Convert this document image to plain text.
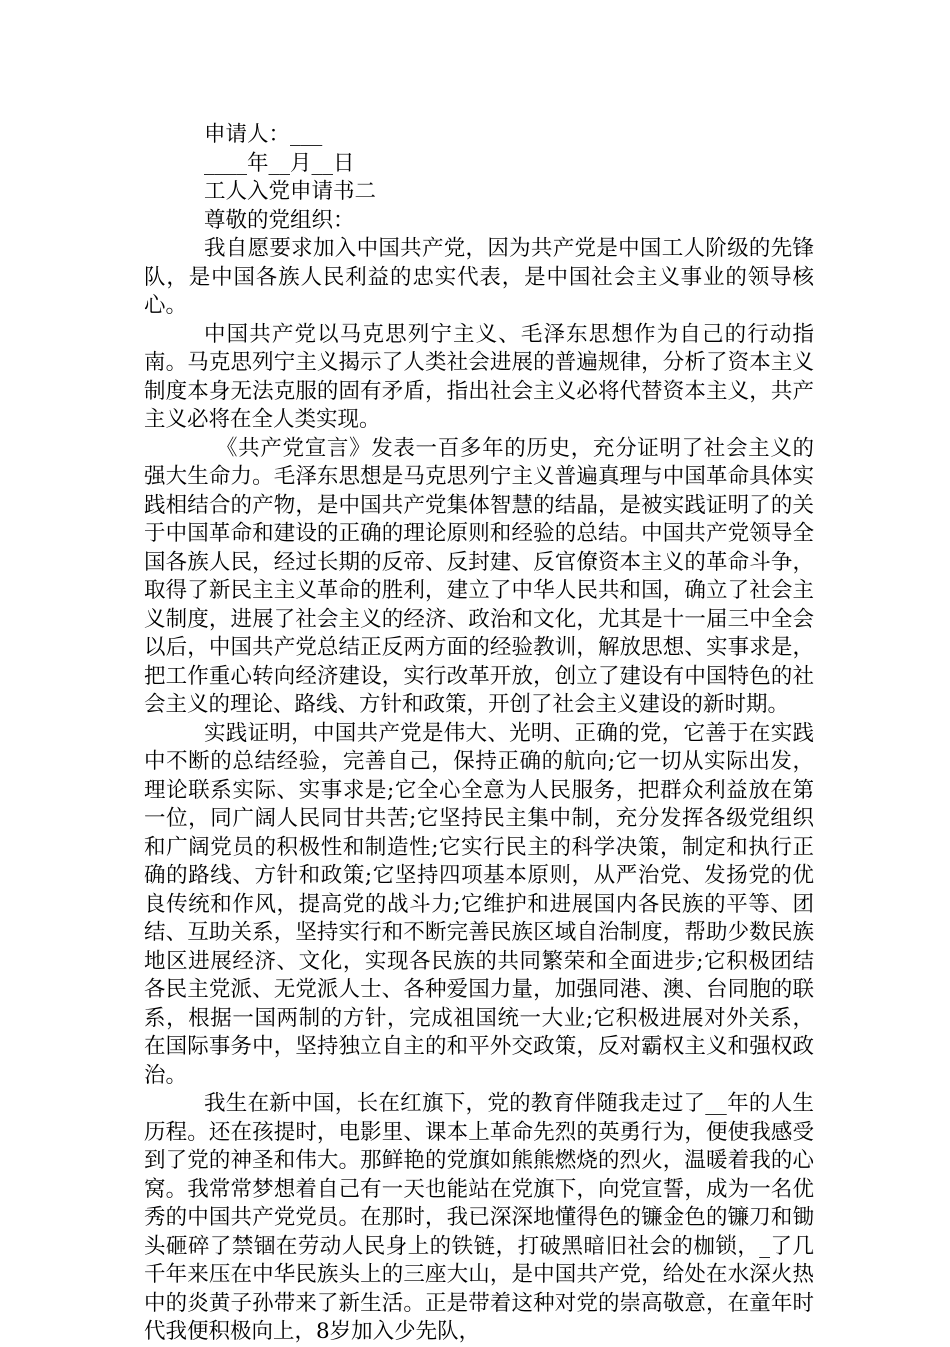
申请人：___
____年__月__日
工人入党申请书二
尊敬的党组织：

我自愿要求加入中国共产党，因为共产党是中国工人阶级的先锋队，是中国各族人民利益的忠实代表，是中国社会主义事业的领导核心。

中国共产党以马克思列宁主义、毛泽东思想作为自己的行动指南。马克思列宁主义揭示了人类社会进展的普遍规律，分析了资本主义制度本身无法克服的固有矛盾，指出社会主义必将代替资本主义，共产主义必将在全人类实现。

《共产党宣言》发表一百多年的历史，充分证明了社会主义的强大生命力。毛泽东思想是马克思列宁主义普遍真理与中国革命具体实践相结合的产物，是中国共产党集体智慧的结晶，是被实践证明了的关于中国革命和建设的正确的理论原则和经验的总结。中国共产党领导全国各族人民，经过长期的反帝、反封建、反官僚资本主义的革命斗争，取得了新民主主义革命的胜利，建立了中华人民共和国，确立了社会主义制度，进展了社会主义的经济、政治和文化，尤其是十一届三中全会以后，中国共产党总结正反两方面的经验教训，解放思想、实事求是，把工作重心转向经济建设，实行改革开放，创立了建设有中国特色的社会主义的理论、路线、方针和政策，开创了社会主义建设的新时期。

实践证明，中国共产党是伟大、光明、正确的党，它善于在实践中不断的总结经验，完善自己，保持正确的航向;它一切从实际出发，理论联系实际、实事求是;它全心全意为人民服务，把群众利益放在第一位，同广阔人民同甘共苦;它坚持民主集中制，充分发挥各级党组织和广阔党员的积极性和制造性;它实行民主的科学决策，制定和执行正确的路线、方针和政策;它坚持四项基本原则，从严治党、发扬党的优良传统和作风，提高党的战斗力;它维护和进展国内各民族的平等、团结、互助关系，坚持实行和不断完善民族区域自治制度，帮助少数民族地区进展经济、文化，实现各民族的共同繁荣和全面进步;它积极团结各民主党派、无党派人士、各种爱国力量，加强同港、澳、台同胞的联系，根据一国两制的方针，完成祖国统一大业;它积极进展对外关系，在国际事务中，坚持独立自主的和平外交政策，反对霸权主义和强权政治。

我生在新中国，长在红旗下，党的教育伴随我走过了__年的人生历程。还在孩提时，电影里、课本上革命先烈的英勇行为，便使我感受到了党的神圣和伟大。那鲜艳的党旗如熊熊燃烧的烈火，温暖着我的心窝。我常常梦想着自己有一天也能站在党旗下，向党宣誓，成为一名优秀的中国共产党党员。在那时，我已深深地懂得色的镰金色的镰刀和锄头砸碎了禁锢在劳动人民身上的铁链，打破黑暗旧社会的枷锁，_了几千年来压在中华民族头上的三座大山，是中国共产党，给处在水深火热中的炎黄子孙带来了新生活。正是带着这种对党的崇高敬意，在童年时代我便积极向上，8岁加入少先队，
